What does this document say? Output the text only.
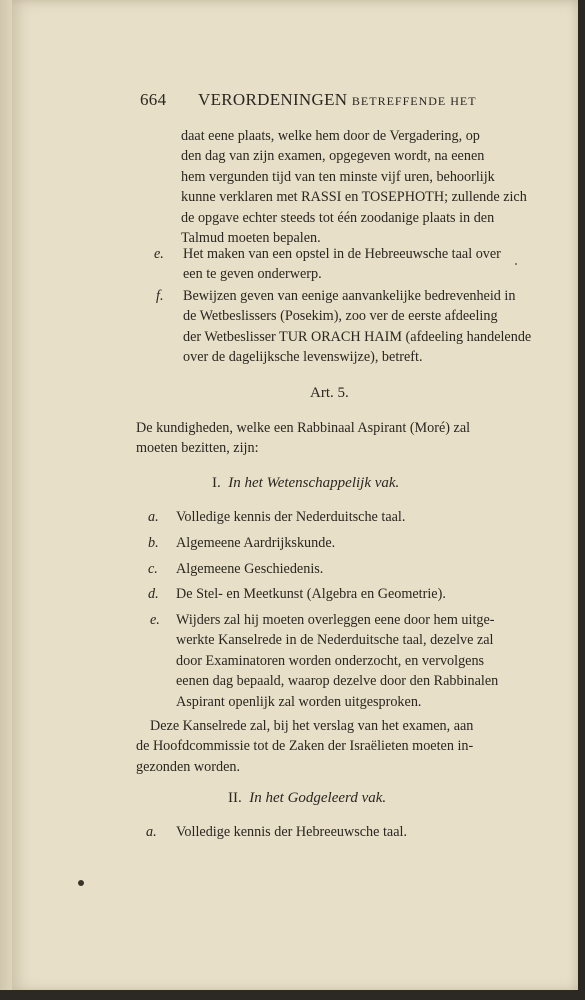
664 VERORDENINGEN BETREFFENDE HET
daat eene plaats, welke hem door de Vergadering, op
den dag van zijn examen, opgegeven wordt, na eenen
hem vergunden tijd van ten minste vijf uren, behoorlijk
kunne verklaren met RASSI en TOSEPHOTH; zullende zich
de opgave echter steeds tot één zoodanige plaats in den
Talmud moeten bepalen.
e. Het maken van een opstel in de Hebreeuwsche taal over
een te geven onderwerp.
f. Bewijzen geven van eenige aanvankelijke bedrevenheid in
de Wetbeslissers (Posekim), zoo ver de eerste afdeeling
der Wetbeslisser TUR ORACH HAIM (afdeeling handelende
over de dagelijksche levenswijze), betreft.
Art. 5.
De kundigheden, welke een Rabbinaal Aspirant (Moré) zal
moeten bezitten, zijn:
I. In het Wetenschappelijk vak.
a. Volledige kennis der Nederduitsche taal.
b. Algemeene Aardrijkskunde.
c. Algemeene Geschiedenis.
d. De Stel- en Meetkunst (Algebra en Geometrie).
e. Wijders zal hij moeten overleggen eene door hem uitge-
werkte Kanselrede in de Nederduitsche taal, dezelve zal
door Examinatoren worden onderzocht, en vervolgens
eenen dag bepaald, waarop dezelve door den Rabbinalen
Aspirant openlijk zal worden uitgesproken.
Deze Kanselrede zal, bij het verslag van het examen, aan
de Hoofdcommissie tot de Zaken der Israëlieten moeten in-
gezonden worden.
II. In het Godgeleerd vak.
a. Volledige kennis der Hebreeuwsche taal.
